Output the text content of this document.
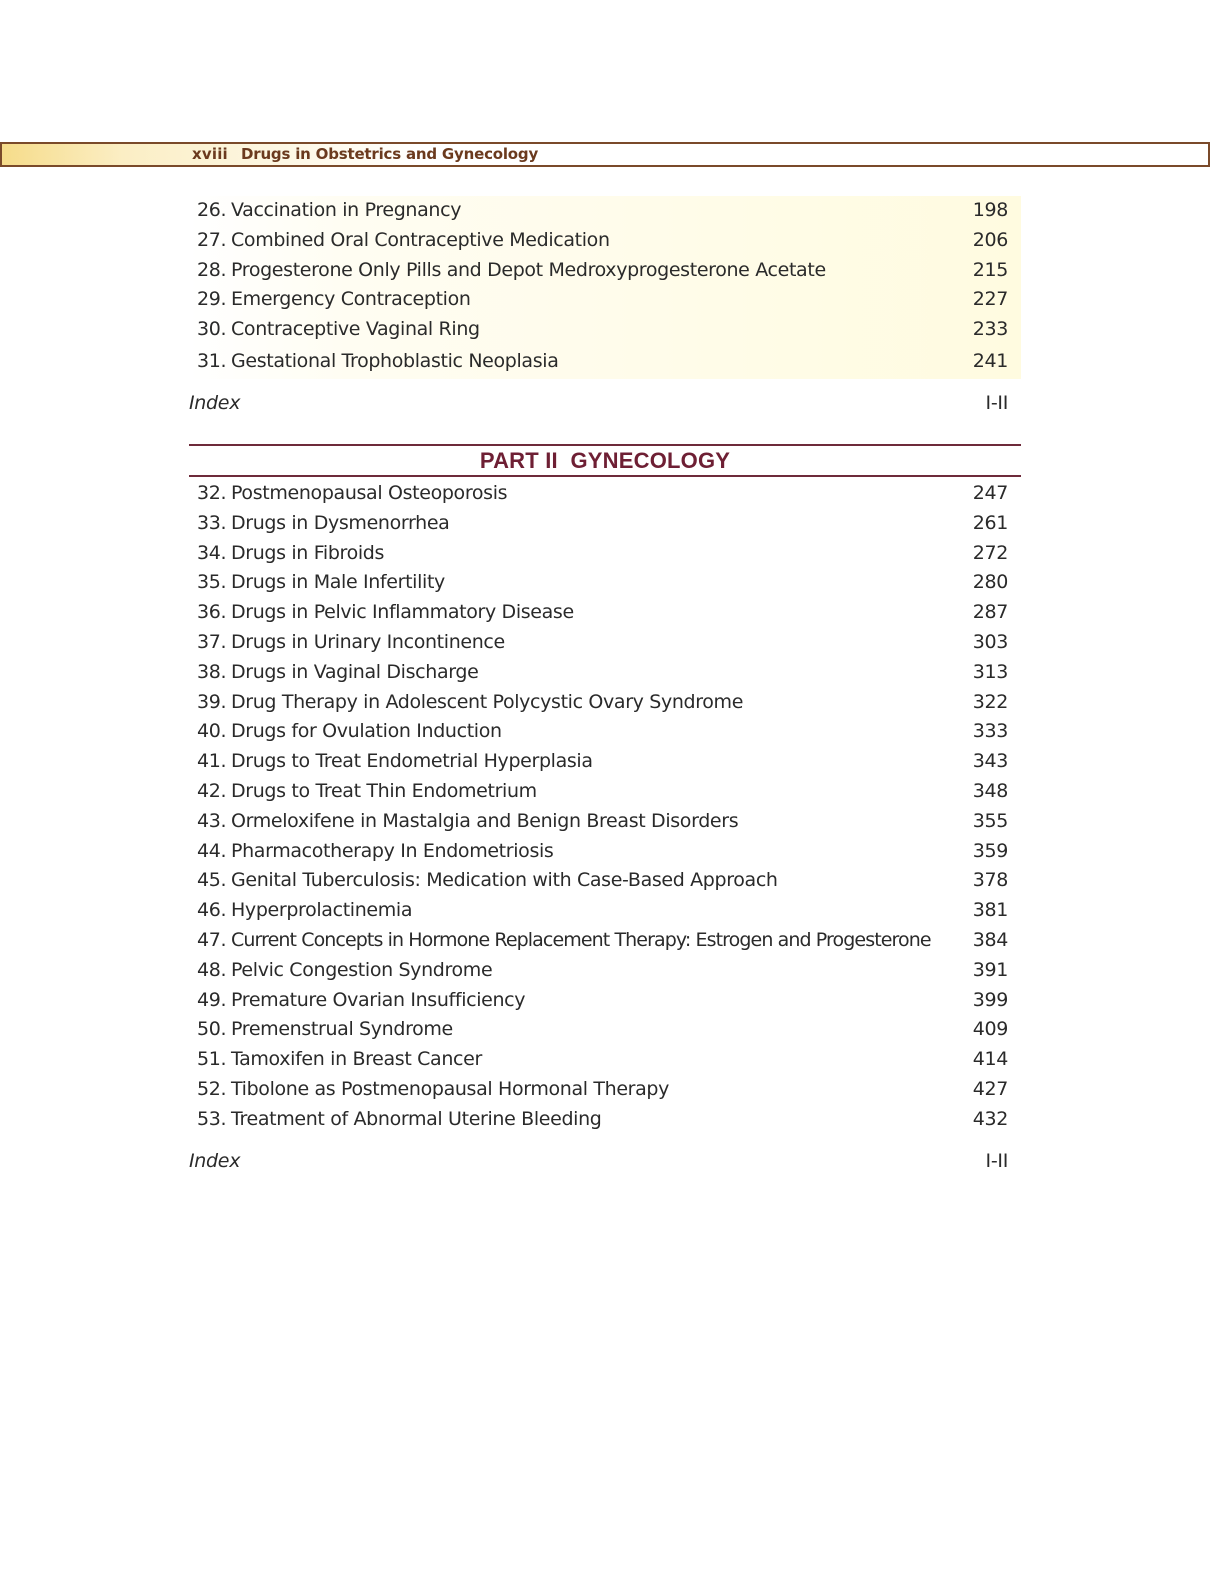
xviii Drugs in Obstetrics and Gynecology
26. Vaccination in Pregnancy	198
27. Combined Oral Contraceptive Medication	206
28. Progesterone Only Pills and Depot Medroxyprogesterone Acetate	215
29. Emergency Contraception	227
30. Contraceptive Vaginal Ring	233
31. Gestational Trophoblastic Neoplasia	241
Index	I-II
PART II  GYNECOLOGY
32. Postmenopausal Osteoporosis	247
33. Drugs in Dysmenorrhea	261
34. Drugs in Fibroids	272
35. Drugs in Male Infertility	280
36. Drugs in Pelvic Inflammatory Disease	287
37. Drugs in Urinary Incontinence	303
38. Drugs in Vaginal Discharge	313
39. Drug Therapy in Adolescent Polycystic Ovary Syndrome	322
40. Drugs for Ovulation Induction	333
41. Drugs to Treat Endometrial Hyperplasia	343
42. Drugs to Treat Thin Endometrium	348
43. Ormeloxifene in Mastalgia and Benign Breast Disorders	355
44. Pharmacotherapy In Endometriosis	359
45. Genital Tuberculosis: Medication with Case-Based Approach	378
46. Hyperprolactinemia	381
47. Current Concepts in Hormone Replacement Therapy: Estrogen and Progesterone 384
48. Pelvic Congestion Syndrome	391
49. Premature Ovarian Insufficiency	399
50. Premenstrual Syndrome	409
51. Tamoxifen in Breast Cancer	414
52. Tibolone as Postmenopausal Hormonal Therapy	427
53. Treatment of Abnormal Uterine Bleeding	432
Index	I-II
